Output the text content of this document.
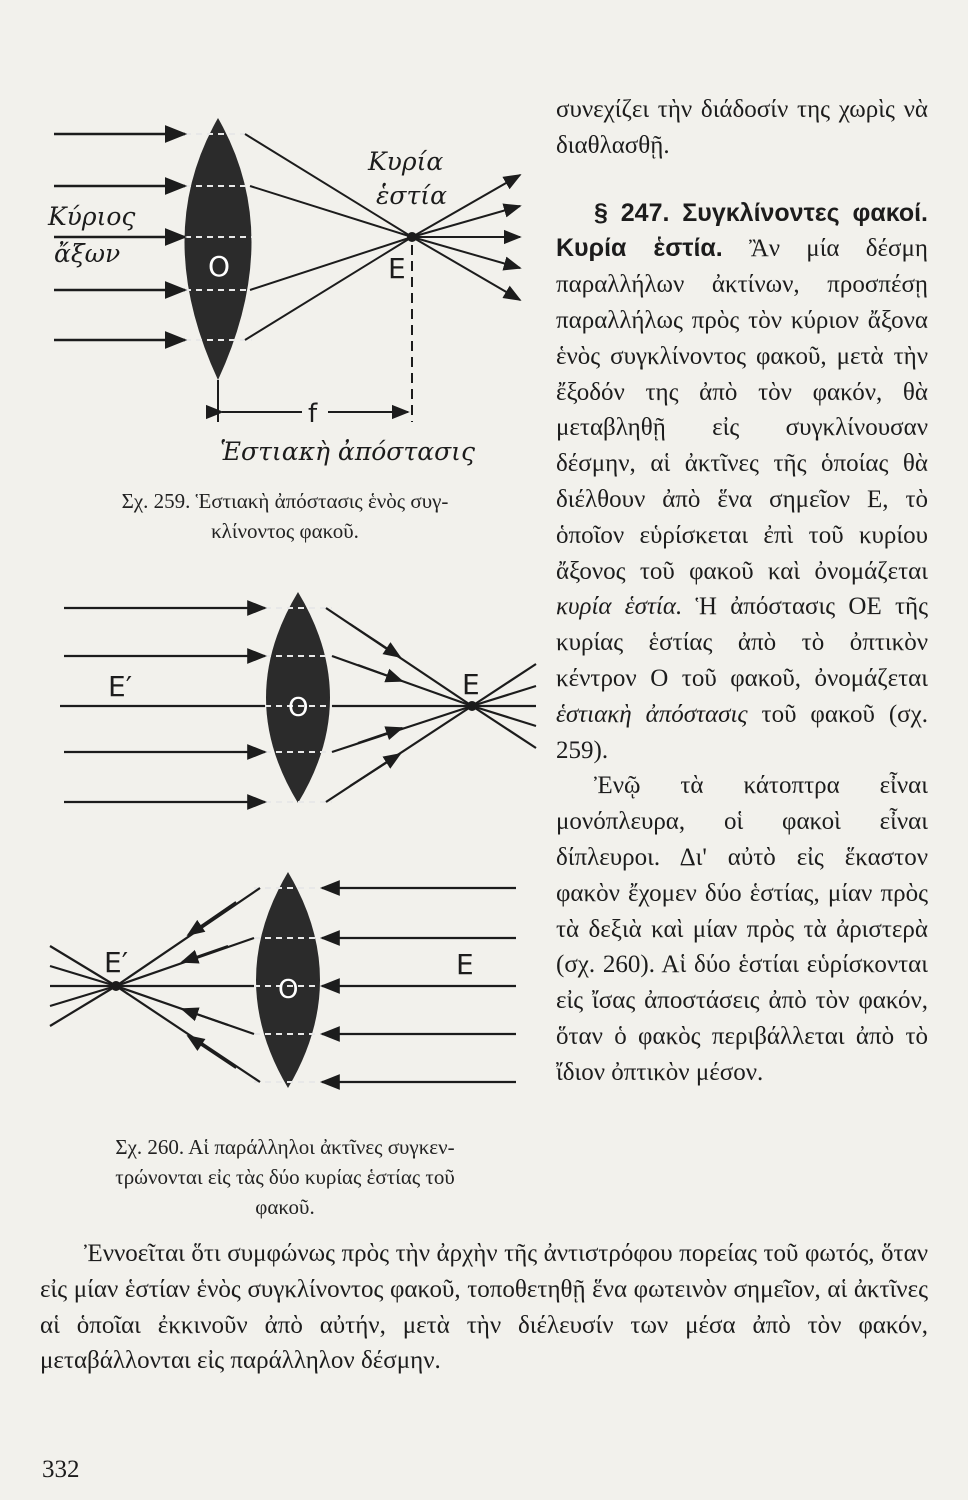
Κύριος
ἄξων
Κυρία
ἑστία
O	E
f
Ἑστιακὴ ἀπόστασις
Σχ. 259. Ἑστιακὴ ἀπόστασις ἑνὸς συγ-
κλίνοντος φακοῦ.
E′
O
E
E′
O
E
Σχ. 260. Αἱ παράλληλοι ἀκτῖνες συγκεν-
τρώνονται εἰς τὰς δύο κυρίας ἑστίας τοῦ
φακοῦ.

συνεχίζει τὴν διάδοσίν της χωρὶς νὰ διαθλασθῇ.

§ 247. Συγκλίνοντες φακοί. Κυρία ἑστία. Ἂν μία δέσμη παραλλήλων ἀκτίνων, προσπέσῃ παραλλήλως πρὸς τὸν κύριον ἄξονα ἑνὸς συγκλίνοντος φακοῦ, μετὰ τὴν ἔξοδόν της ἀπὸ τὸν φακόν, θὰ μεταβληθῇ εἰς συγκλίνουσαν δέσμην, αἱ ἀκτῖνες τῆς ὁποίας θὰ διέλθουν ἀπὸ ἕνα σημεῖον Ε, τὸ ὁποῖον εὑρίσκεται ἐπὶ τοῦ κυρίου ἄξονος τοῦ φακοῦ καὶ ὀνομάζεται κυρία ἑστία. Ἡ ἀπόστασις ΟΕ τῆς κυρίας ἑστίας ἀπὸ τὸ ὀπτικὸν κέντρον Ο τοῦ φακοῦ, ὀνομάζεται ἑστιακὴ ἀπόστασις τοῦ φακοῦ (σχ. 259).

Ἐνῷ τὰ κάτοπτρα εἶναι μονόπλευρα, οἱ φακοὶ εἶναι δίπλευροι. Δι' αὐτὸ εἰς ἕκαστον φακὸν ἔχομεν δύο ἑστίας, μίαν πρὸς τὰ δεξιὰ καὶ μίαν πρὸς τὰ ἀριστερὰ (σχ. 260). Αἱ δύο ἑστίαι εὑρίσκονται εἰς ἴσας ἀποστάσεις ἀπὸ τὸν φακόν, ὅταν ὁ φακὸς περιβάλλεται ἀπὸ τὸ ἴδιον ὀπτικὸν μέσον.

Ἐννοεῖται ὅτι συμφώνως πρὸς τὴν ἀρχὴν τῆς ἀντιστρόφου πορείας τοῦ φωτός, ὅταν εἰς μίαν ἑστίαν ἑνὸς συγκλίνοντος φακοῦ, τοποθετηθῇ ἕνα φωτεινὸν σημεῖον, αἱ ἀκτῖνες αἱ ὁποῖαι ἐκκινοῦν ἀπὸ αὐτήν, μετὰ τὴν διέλευσίν των μέσα ἀπὸ τὸν φακόν, μεταβάλλονται εἰς παράλληλον δέσμην.

332
